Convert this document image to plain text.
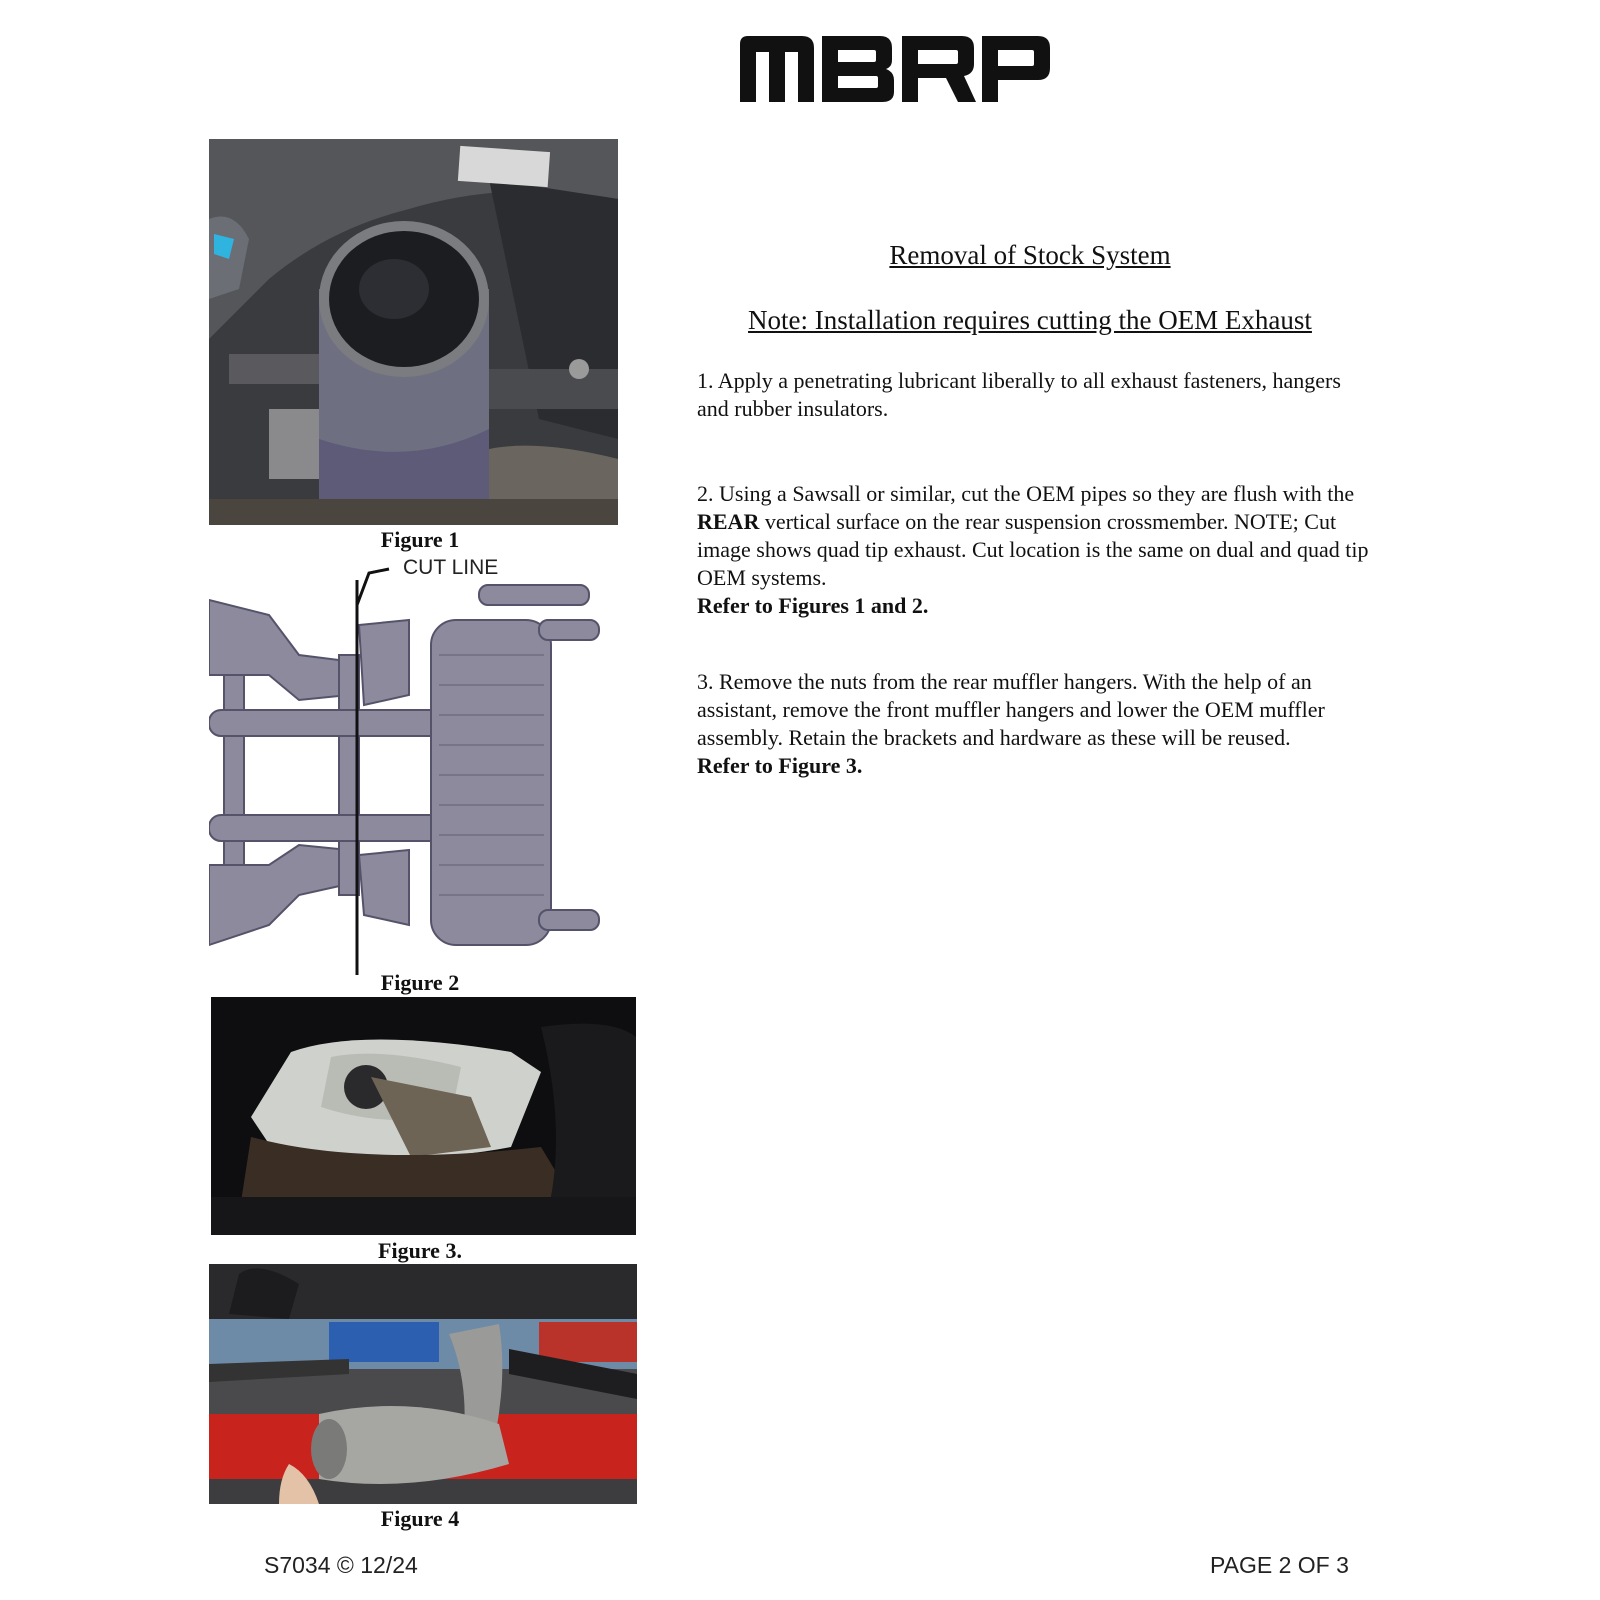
Figure 1
CUT LINE
Figure 2
Figure 3.
Figure 4
Removal of Stock System
Note: Installation requires cutting the OEM Exhaust
1. Apply a penetrating lubricant liberally to all exhaust fasteners, hangers and rubber insulators.
2. Using a Sawsall or similar, cut the OEM pipes so they are flush with the REAR vertical surface on the rear suspension crossmember. NOTE; Cut image shows quad tip exhaust. Cut location is the same on dual and quad tip OEM systems.
Refer to Figures 1 and 2.
3. Remove the nuts from the rear muffler hangers. With the help of an assistant, remove the front muffler hangers and lower the OEM muffler assembly. Retain the brackets and hardware as these will be reused.
Refer to Figure 3.
S7034 © 12/24	PAGE 2 OF 3
